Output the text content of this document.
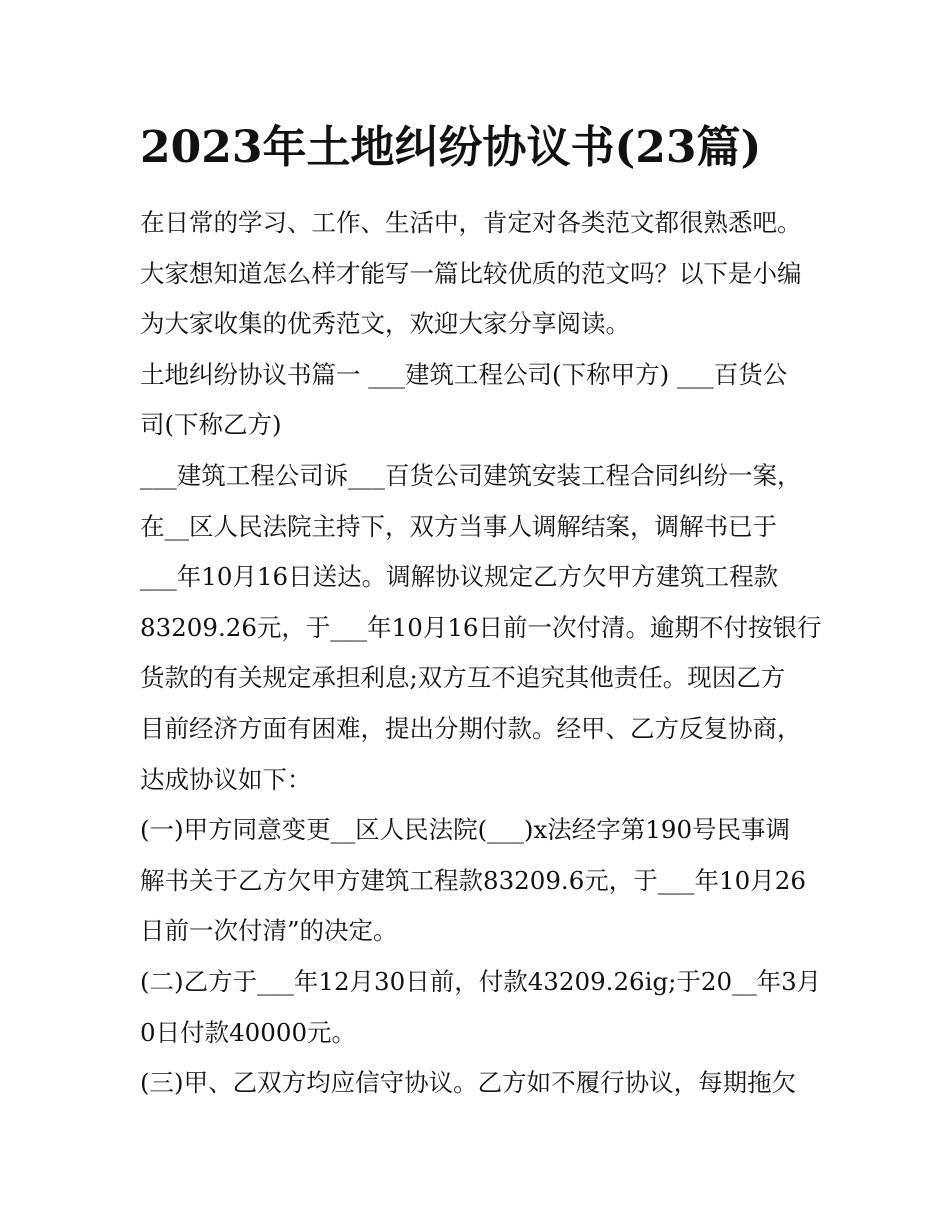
2023年土地纠纷协议书(23篇)

在日常的学习、工作、生活中，肯定对各类范文都很熟悉吧。

大家想知道怎么样才能写一篇比较优质的范文吗？以下是小编

为大家收集的优秀范文，欢迎大家分享阅读。

土地纠纷协议书篇一 ___建筑工程公司(下称甲方) ___百货公

司(下称乙方)

___建筑工程公司诉___百货公司建筑安装工程合同纠纷一案，

在__区人民法院主持下，双方当事人调解结案，调解书已于

___年10月16日送达。调解协议规定乙方欠甲方建筑工程款

83209.26元，于___年10月16日前一次付清。逾期不付按银行

货款的有关规定承担利息;双方互不追究其他责任。现因乙方

目前经济方面有困难，提出分期付款。经甲、乙方反复协商，

达成协议如下：

(一)甲方同意变更__区人民法院(___)x法经字第190号民事调

解书关于乙方欠甲方建筑工程款83209.6元，于___年10月26

日前一次付清”的决定。

(二)乙方于___年12月30日前，付款43209.26ig;于20__年3月

0日付款40000元。

(三)甲、乙双方均应信守协议。乙方如不履行协议，每期拖欠
